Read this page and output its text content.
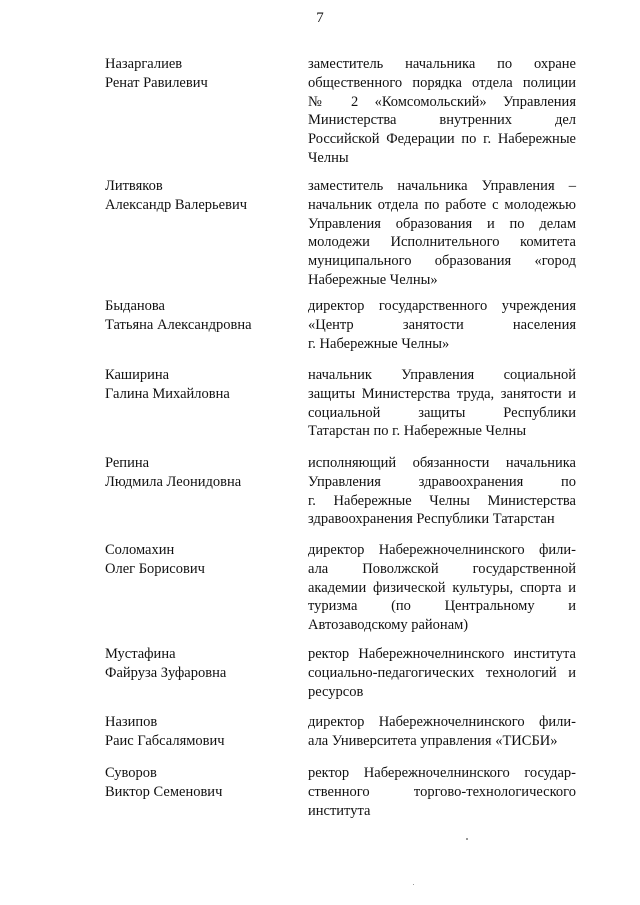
7
Назаргалиев
Ренат Равилевич
заместитель начальника по охране
общественного порядка отдела полиции
№ 2 «Комсомольский» Управления
Министерства внутренних дел
Российской Федерации по г. Набережные
Челны
Литвяков
Александр Валерьевич
заместитель начальника Управления –
начальник отдела по работе с молодежью
Управления образования и по делам
молодежи Исполнительного комитета
муниципального образования «город
Набережные Челны»
Быданова
Татьяна Александровна
директор государственного учреждения
«Центр занятости населения
г. Набережные Челны»
Каширина
Галина Михайловна
начальник Управления социальной
защиты Министерства труда, занятости и
социальной защиты Республики
Татарстан по г. Набережные Челны
Репина
Людмила Леонидовна
исполняющий обязанности начальника
Управления здравоохранения по
г. Набережные Челны Министерства
здравоохранения Республики Татарстан
Соломахин
Олег Борисович
директор Набережночелнинского фили-
ала Поволжской государственной
академии физической культуры, спорта и
туризма (по Центральному и
Автозаводскому районам)
Мустафина
Файруза Зуфаровна
ректор Набережночелнинского института
социально-педагогических технологий и
ресурсов
Назипов
Раис Габсалямович
директор Набережночелнинского фили-
ала Университета управления «ТИСБИ»
Суворов
Виктор Семенович
ректор Набережночелнинского государ-
ственного торгово-технологического
института
